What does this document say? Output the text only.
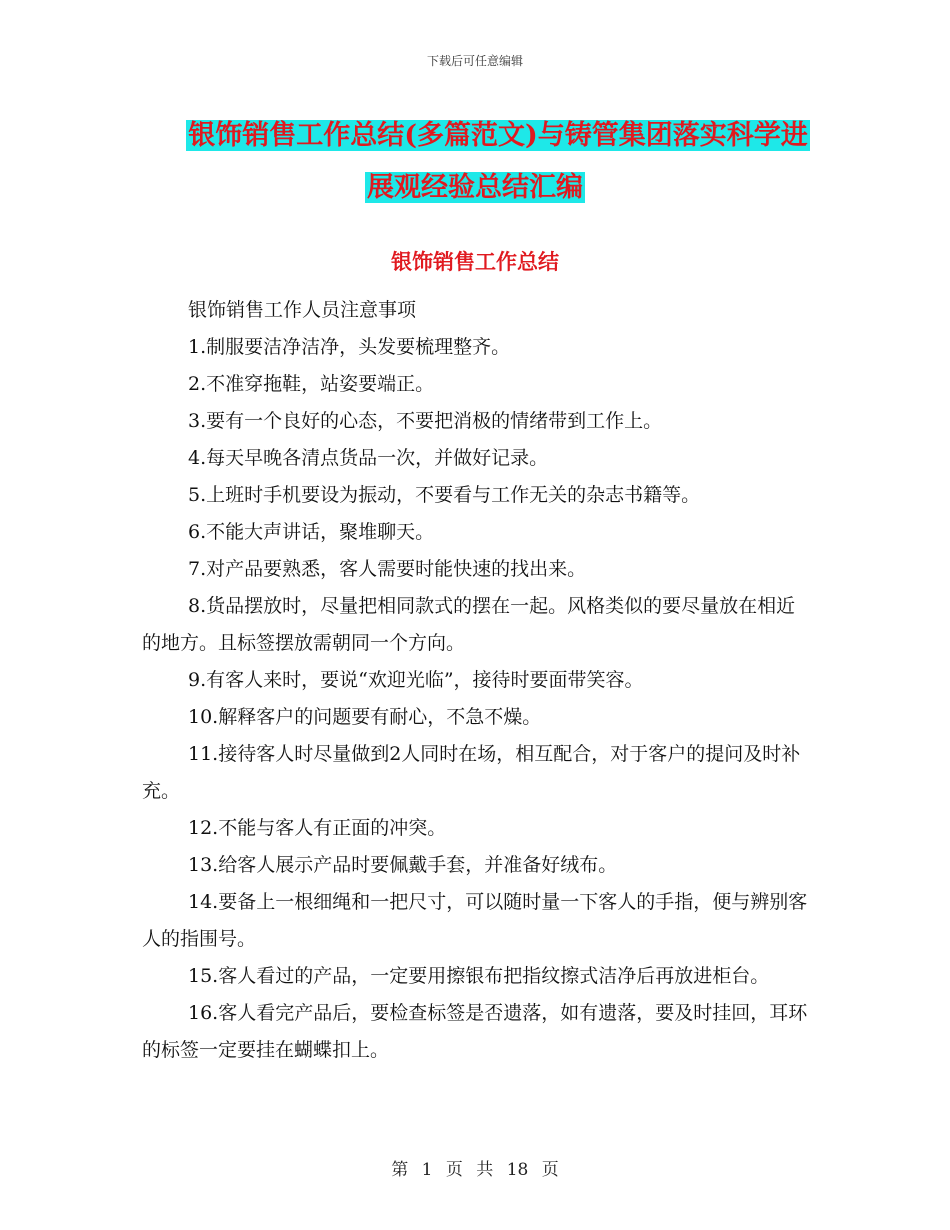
下载后可任意编辑
银饰销售工作总结(多篇范文)与铸管集团落实科学进
展观经验总结汇编
银饰销售工作总结

银饰销售工作人员注意事项

1.制服要洁净洁净，头发要梳理整齐。

2.不准穿拖鞋，站姿要端正。

3.要有一个良好的心态，不要把消极的情绪带到工作上。

4.每天早晚各清点货品一次，并做好记录。

5.上班时手机要设为振动，不要看与工作无关的杂志书籍等。

6.不能大声讲话，聚堆聊天。

7.对产品要熟悉，客人需要时能快速的找出来。

8.货品摆放时，尽量把相同款式的摆在一起。风格类似的要尽量放在相近的地方。且标签摆放需朝同一个方向。

9.有客人来时，要说“欢迎光临”，接待时要面带笑容。

10.解释客户的问题要有耐心，不急不燥。

11.接待客人时尽量做到2人同时在场，相互配合，对于客户的提问及时补充。

12.不能与客人有正面的冲突。

13.给客人展示产品时要佩戴手套，并准备好绒布。

14.要备上一根细绳和一把尺寸，可以随时量一下客人的手指，便与辨别客人的指围号。

15.客人看过的产品，一定要用擦银布把指纹擦式洁净后再放进柜台。

16.客人看完产品后，要检查标签是否遗落，如有遗落，要及时挂回，耳环的标签一定要挂在蝴蝶扣上。

第 1 页 共 18 页
